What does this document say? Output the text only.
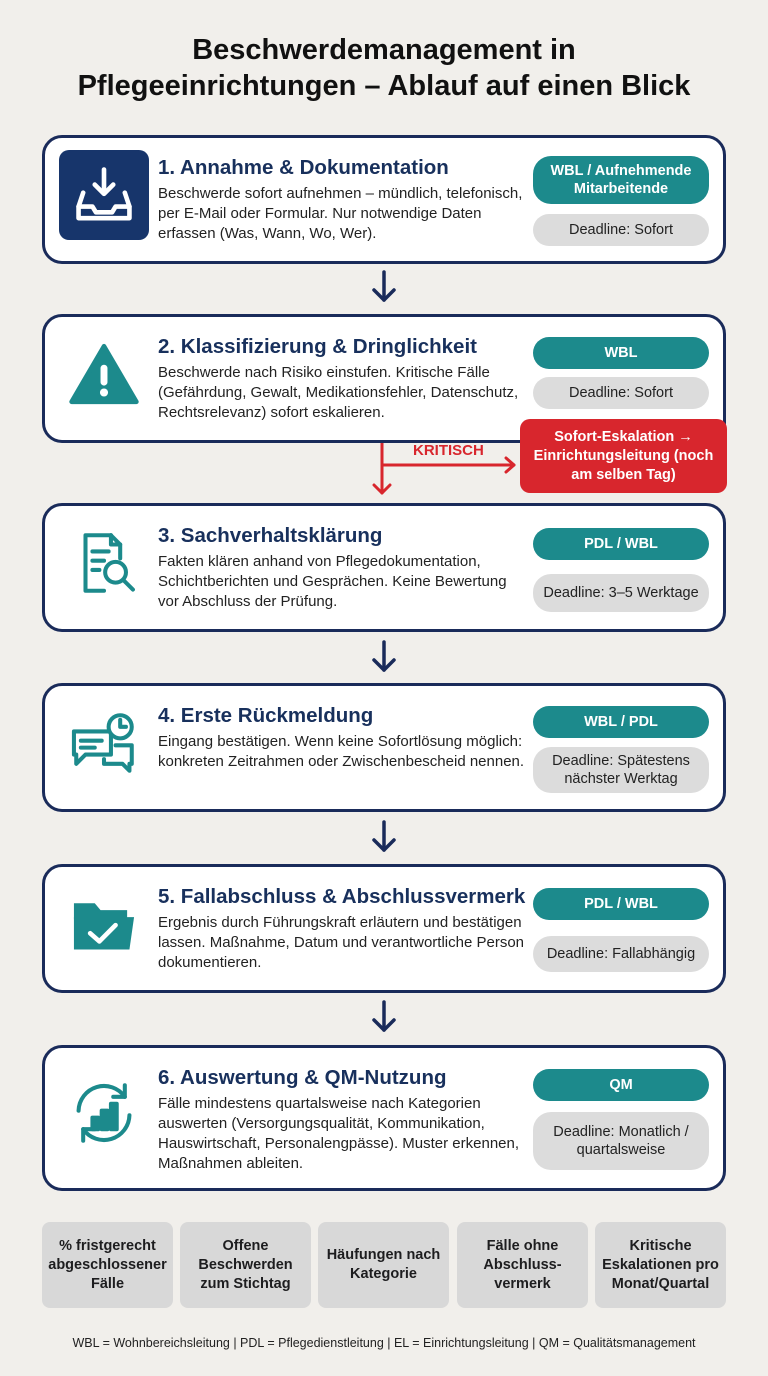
Beschwerdemanagement in
Pflegeeinrichtungen – Ablauf auf einen Blick
1. Annahme & Dokumentation
Beschwerde sofort aufnehmen – mündlich, telefonisch, per E-Mail oder Formular. Nur notwendige Daten erfassen (Was, Wann, Wo, Wer).
WBL / Aufnehmende Mitarbeitende
Deadline: Sofort
2. Klassifizierung & Dringlichkeit
Beschwerde nach Risiko einstufen. Kritische Fälle (Gefährdung, Gewalt, Medikationsfehler, Datenschutz, Rechtsrelevanz) sofort eskalieren.
WBL
Deadline: Sofort
KRITISCH
Sofort-Eskalation → Einrichtungsleitung (noch am selben Tag)
3. Sachverhaltsklärung
Fakten klären anhand von Pflegedokumentation, Schichtberichten und Gesprächen. Keine Bewertung vor Abschluss der Prüfung.
PDL / WBL
Deadline: 3–5 Werktage
4. Erste Rückmeldung
Eingang bestätigen. Wenn keine Sofortlösung möglich: konkreten Zeitrahmen oder Zwischenbescheid nennen.
WBL / PDL
Deadline: Spätestens nächster Werktag
5. Fallabschluss & Abschlussvermerk
Ergebnis durch Führungskraft erläutern und bestätigen lassen. Maßnahme, Datum und verantwortliche Person dokumentieren.
PDL / WBL
Deadline: Fallabhängig
6. Auswertung & QM-Nutzung
Fälle mindestens quartalsweise nach Kategorien auswerten (Versorgungsqualität, Kommunikation, Hauswirtschaft, Personalengpässe). Muster erkennen, Maßnahmen ableiten.
QM
Deadline: Monatlich / quartalsweise
% fristgerecht abgeschlossener Fälle
Offene Beschwerden zum Stichtag
Häufungen nach Kategorie
Fälle ohne Abschluss-vermerk
Kritische Eskalationen pro Monat/Quartal
WBL = Wohnbereichsleitung | PDL = Pflegedienstleitung | EL = Einrichtungsleitung | QM = Qualitätsmanagement
